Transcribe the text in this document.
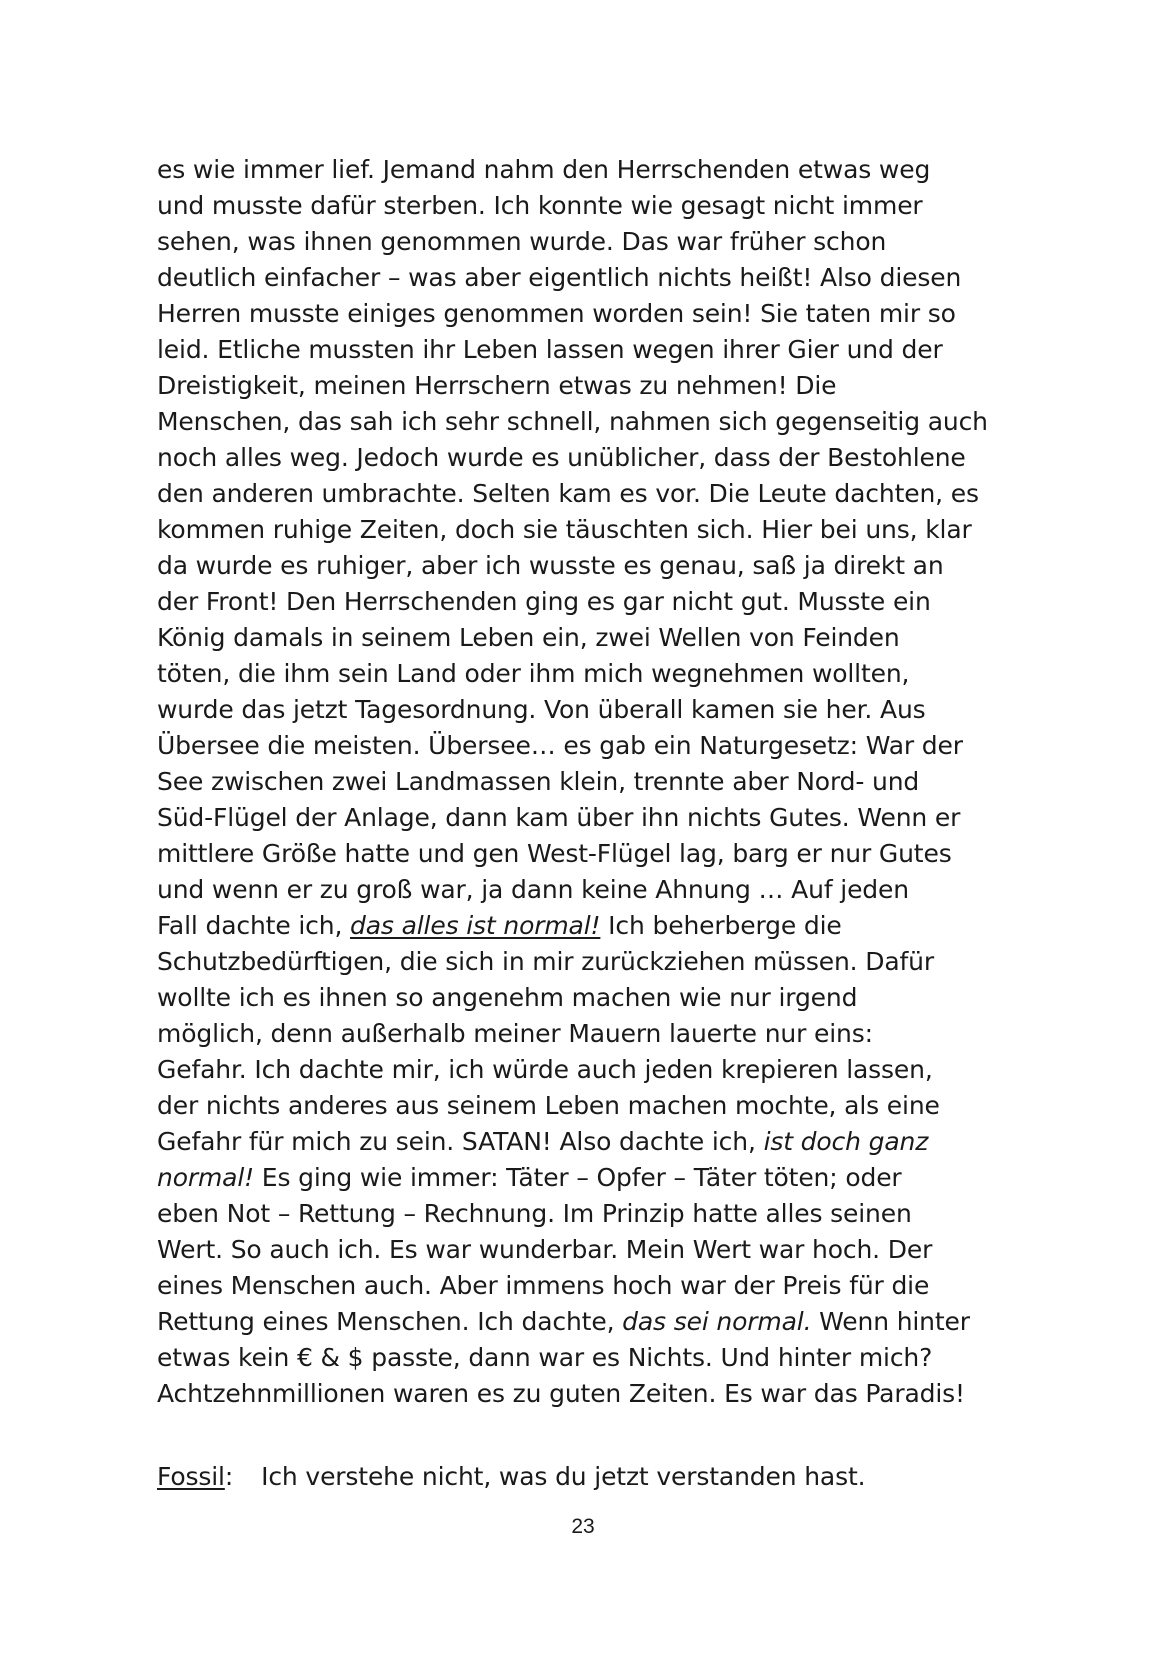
es wie immer lief. Jemand nahm den Herrschenden etwas weg
und musste dafür sterben. Ich konnte wie gesagt nicht immer
sehen, was ihnen genommen wurde. Das war früher schon
deutlich einfacher – was aber eigentlich nichts heißt! Also diesen
Herren musste einiges genommen worden sein! Sie taten mir so
leid. Etliche mussten ihr Leben lassen wegen ihrer Gier und der
Dreistigkeit, meinen Herrschern etwas zu nehmen! Die
Menschen, das sah ich sehr schnell, nahmen sich gegenseitig auch
noch alles weg. Jedoch wurde es unüblicher, dass der Bestohlene
den anderen umbrachte. Selten kam es vor. Die Leute dachten, es
kommen ruhige Zeiten, doch sie täuschten sich. Hier bei uns, klar
da wurde es ruhiger, aber ich wusste es genau, saß ja direkt an
der Front! Den Herrschenden ging es gar nicht gut. Musste ein
König damals in seinem Leben ein, zwei Wellen von Feinden
töten, die ihm sein Land oder ihm mich wegnehmen wollten,
wurde das jetzt Tagesordnung. Von überall kamen sie her. Aus
Übersee die meisten. Übersee… es gab ein Naturgesetz: War der
See zwischen zwei Landmassen klein, trennte aber Nord- und
Süd-Flügel der Anlage, dann kam über ihn nichts Gutes. Wenn er
mittlere Größe hatte und gen West-Flügel lag, barg er nur Gutes
und wenn er zu groß war, ja dann keine Ahnung … Auf jeden
Fall dachte ich, das alles ist normal! Ich beherberge die
Schutzbedürftigen, die sich in mir zurückziehen müssen. Dafür
wollte ich es ihnen so angenehm machen wie nur irgend
möglich, denn außerhalb meiner Mauern lauerte nur eins:
Gefahr. Ich dachte mir, ich würde auch jeden krepieren lassen,
der nichts anderes aus seinem Leben machen mochte, als eine
Gefahr für mich zu sein. SATAN! Also dachte ich, ist doch ganz
normal! Es ging wie immer: Täter – Opfer – Täter töten; oder
eben Not – Rettung – Rechnung. Im Prinzip hatte alles seinen
Wert. So auch ich. Es war wunderbar. Mein Wert war hoch. Der
eines Menschen auch. Aber immens hoch war der Preis für die
Rettung eines Menschen. Ich dachte, das sei normal. Wenn hinter
etwas kein € & $ passte, dann war es Nichts. Und hinter mich?
Achtzehnmillionen waren es zu guten Zeiten. Es war das Paradis!
Fossil: Ich verstehe nicht, was du jetzt verstanden hast.
23
